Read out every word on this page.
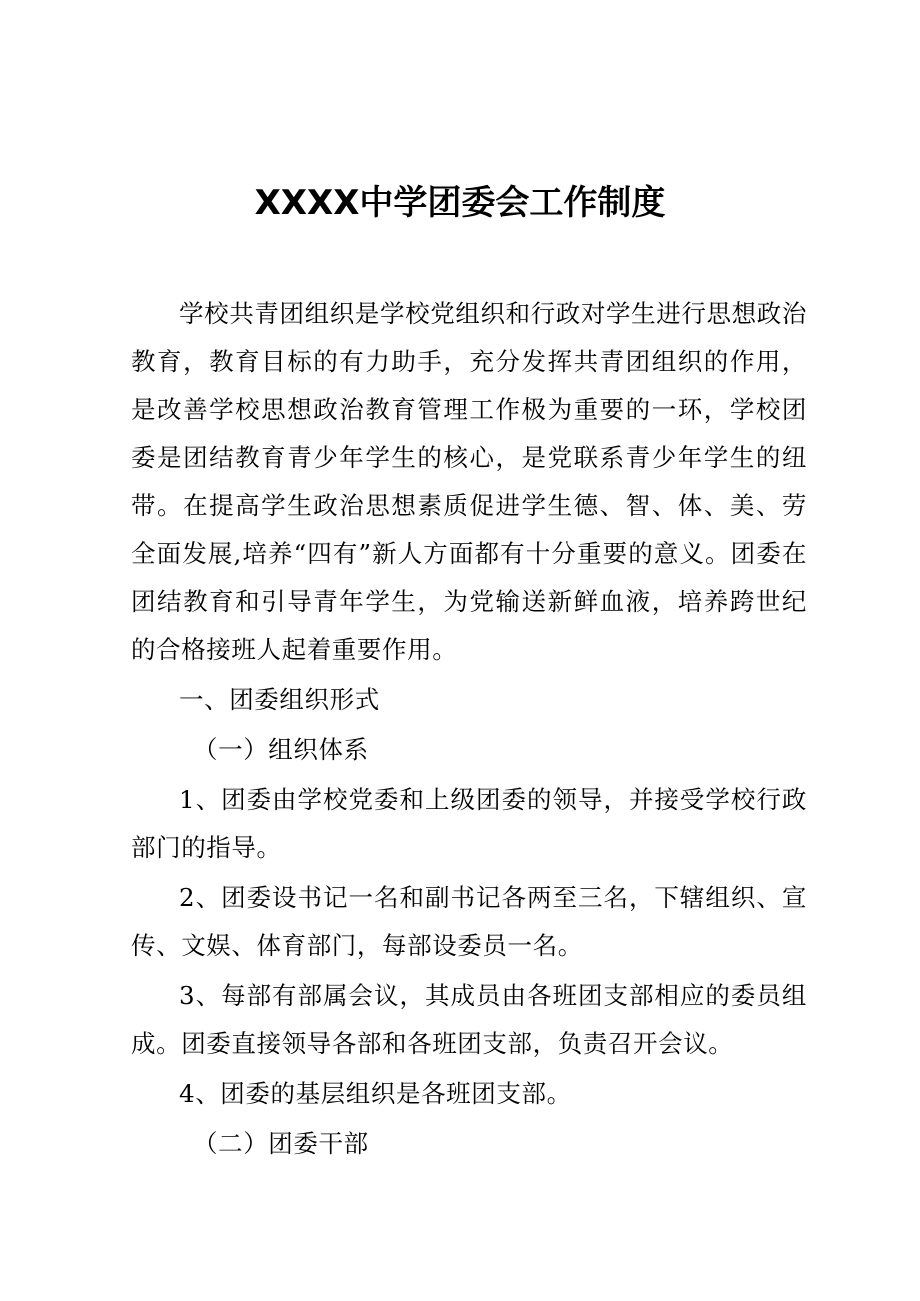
XXXX中学团委会工作制度

学校共青团组织是学校党组织和行政对学生进行思想政治教育，教育目标的有力助手，充分发挥共青团组织的作用，是改善学校思想政治教育管理工作极为重要的一环，学校团委是团结教育青少年学生的核心，是党联系青少年学生的纽带。在提高学生政治思想素质促进学生德、智、体、美、劳全面发展,培养“四有”新人方面都有十分重要的意义。团委在团结教育和引导青年学生，为党输送新鲜血液，培养跨世纪的合格接班人起着重要作用。

一、团委组织形式

（一）组织体系

1、团委由学校党委和上级团委的领导，并接受学校行政部门的指导。

2、团委设书记一名和副书记各两至三名，下辖组织、宣传、文娱、体育部门，每部设委员一名。

3、每部有部属会议，其成员由各班团支部相应的委员组成。团委直接领导各部和各班团支部，负责召开会议。

4、团委的基层组织是各班团支部。

（二）团委干部
